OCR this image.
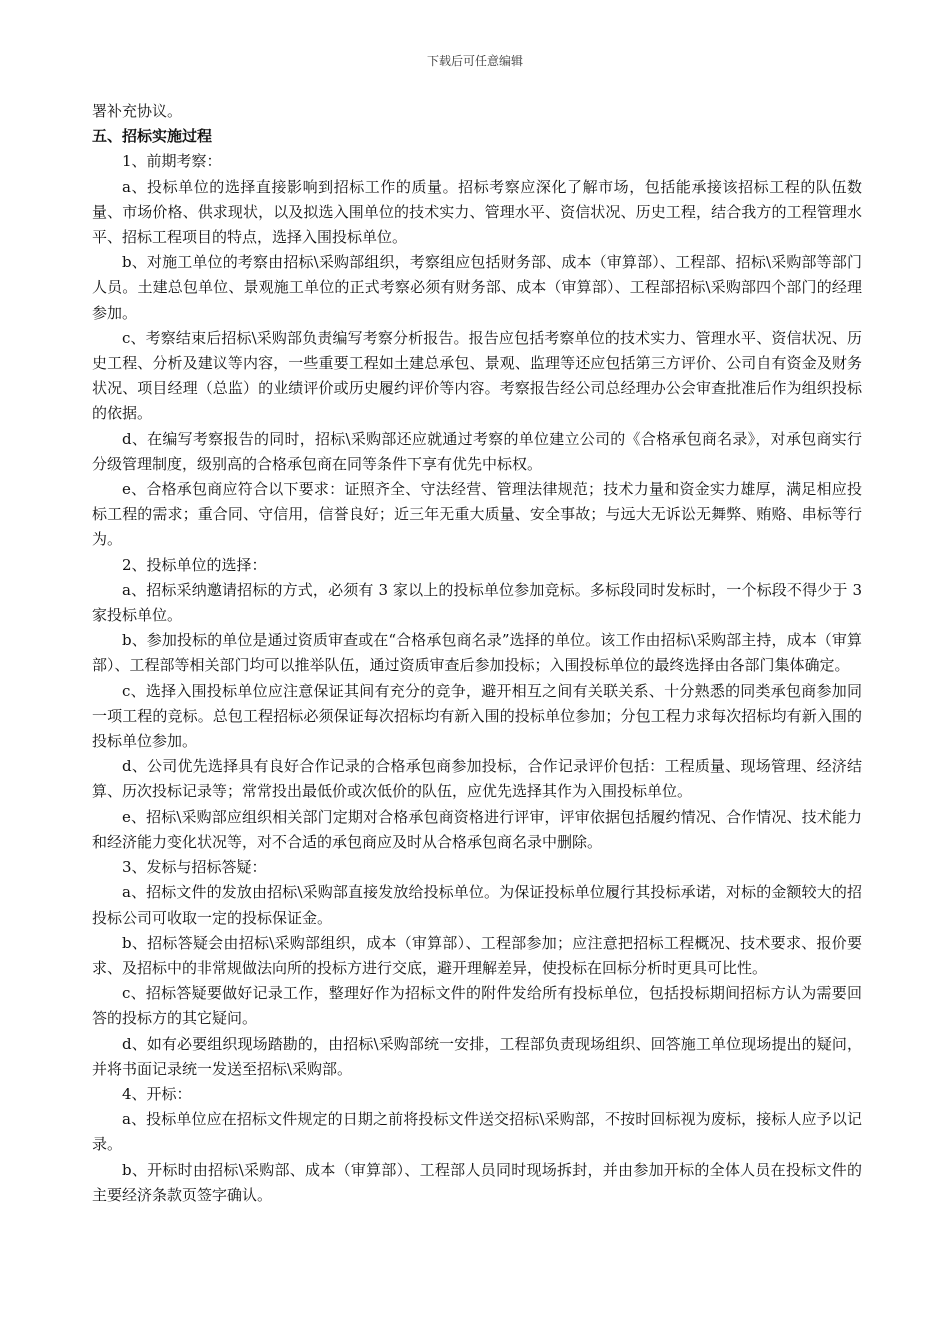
下载后可任意编辑

署补充协议。

五、招标实施过程

1、前期考察：

a、投标单位的选择直接影响到招标工作的质量。招标考察应深化了解市场，包括能承接该招标工程的队伍数量、市场价格、供求现状，以及拟选入围单位的技术实力、管理水平、资信状况、历史工程，结合我方的工程管理水平、招标工程项目的特点，选择入围投标单位。

b、对施工单位的考察由招标\采购部组织，考察组应包括财务部、成本（审算部）、工程部、招标\采购部等部门人员。土建总包单位、景观施工单位的正式考察必须有财务部、成本（审算部）、工程部招标\采购部四个部门的经理参加。

c、考察结束后招标\采购部负责编写考察分析报告。报告应包括考察单位的技术实力、管理水平、资信状况、历史工程、分析及建议等内容，一些重要工程如土建总承包、景观、监理等还应包括第三方评价、公司自有资金及财务状况、项目经理（总监）的业绩评价或历史履约评价等内容。考察报告经公司总经理办公会审查批准后作为组织投标的依据。

d、在编写考察报告的同时，招标\采购部还应就通过考察的单位建立公司的《合格承包商名录》，对承包商实行分级管理制度，级别高的合格承包商在同等条件下享有优先中标权。

e、合格承包商应符合以下要求：证照齐全、守法经营、管理法律规范；技术力量和资金实力雄厚，满足相应投标工程的需求；重合同、守信用，信誉良好；近三年无重大质量、安全事故；与远大无诉讼无舞弊、贿赂、串标等行为。

2、投标单位的选择：

a、招标采纳邀请招标的方式，必须有 3 家以上的投标单位参加竞标。多标段同时发标时，一个标段不得少于 3 家投标单位。

b、参加投标的单位是通过资质审查或在“合格承包商名录”选择的单位。该工作由招标\采购部主持，成本（审算部）、工程部等相关部门均可以推举队伍，通过资质审查后参加投标；入围投标单位的最终选择由各部门集体确定。

c、选择入围投标单位应注意保证其间有充分的竞争，避开相互之间有关联关系、十分熟悉的同类承包商参加同一项工程的竞标。总包工程招标必须保证每次招标均有新入围的投标单位参加；分包工程力求每次招标均有新入围的投标单位参加。

d、公司优先选择具有良好合作记录的合格承包商参加投标，合作记录评价包括：工程质量、现场管理、经济结算、历次投标记录等；常常投出最低价或次低价的队伍，应优先选择其作为入围投标单位。

e、招标\采购部应组织相关部门定期对合格承包商资格进行评审，评审依据包括履约情况、合作情况、技术能力和经济能力变化状况等，对不合适的承包商应及时从合格承包商名录中删除。

3、发标与招标答疑：

a、招标文件的发放由招标\采购部直接发放给投标单位。为保证投标单位履行其投标承诺，对标的金额较大的招投标公司可收取一定的投标保证金。

b、招标答疑会由招标\采购部组织，成本（审算部）、工程部参加；应注意把招标工程概况、技术要求、报价要求、及招标中的非常规做法向所的投标方进行交底，避开理解差异，使投标在回标分析时更具可比性。

c、招标答疑要做好记录工作，整理好作为招标文件的附件发给所有投标单位，包括投标期间招标方认为需要回答的投标方的其它疑问。

d、如有必要组织现场踏勘的，由招标\采购部统一安排，工程部负责现场组织、回答施工单位现场提出的疑问，并将书面记录统一发送至招标\采购部。

4、开标：

a、投标单位应在招标文件规定的日期之前将投标文件送交招标\采购部，不按时回标视为废标，接标人应予以记录。

b、开标时由招标\采购部、成本（审算部）、工程部人员同时现场拆封，并由参加开标的全体人员在投标文件的主要经济条款页签字确认。
